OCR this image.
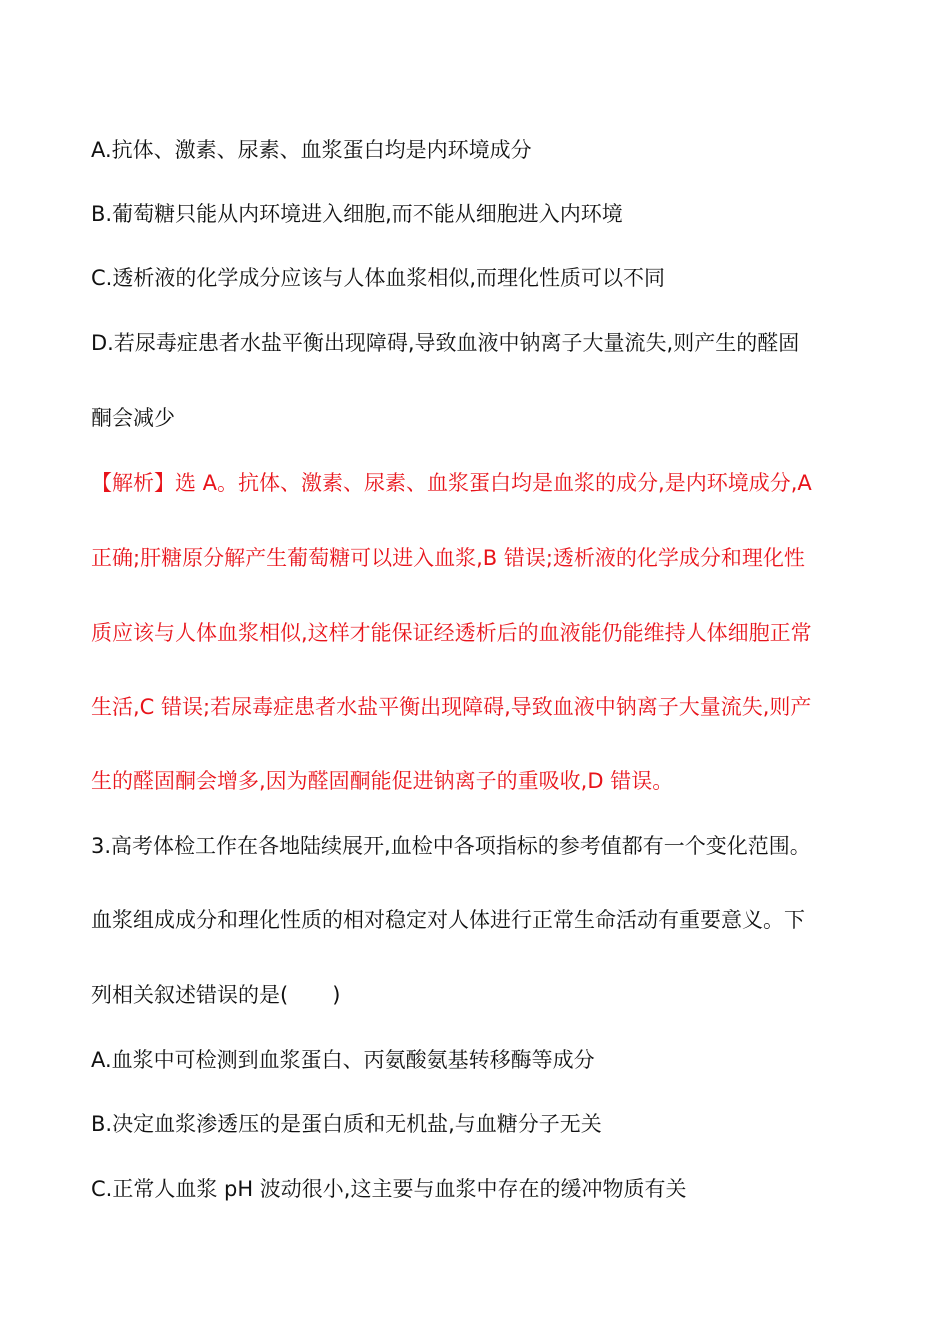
A.抗体、激素、尿素、血浆蛋白均是内环境成分
B.葡萄糖只能从内环境进入细胞,而不能从细胞进入内环境
C.透析液的化学成分应该与人体血浆相似,而理化性质可以不同
D.若尿毒症患者水盐平衡出现障碍,导致血液中钠离子大量流失,则产生的醛固
酮会减少
【解析】选 A。抗体、激素、尿素、血浆蛋白均是血浆的成分,是内环境成分,A
正确;肝糖原分解产生葡萄糖可以进入血浆,B 错误;透析液的化学成分和理化性
质应该与人体血浆相似,这样才能保证经透析后的血液能仍能维持人体细胞正常
生活,C 错误;若尿毒症患者水盐平衡出现障碍,导致血液中钠离子大量流失,则产
生的醛固酮会增多,因为醛固酮能促进钠离子的重吸收,D 错误。
3.高考体检工作在各地陆续展开,血检中各项指标的参考值都有一个变化范围。
血浆组成成分和理化性质的相对稳定对人体进行正常生命活动有重要意义。下
列相关叙述错误的是( )
A.血浆中可检测到血浆蛋白、丙氨酸氨基转移酶等成分
B.决定血浆渗透压的是蛋白质和无机盐,与血糖分子无关
C.正常人血浆 pH 波动很小,这主要与血浆中存在的缓冲物质有关
